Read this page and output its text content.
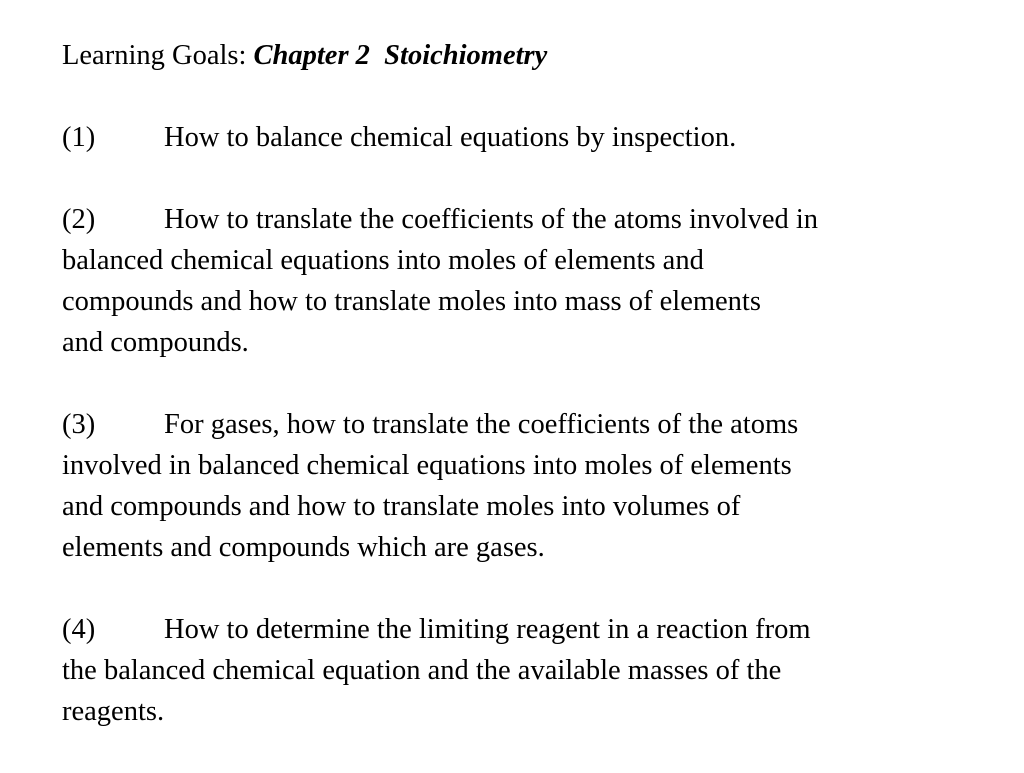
Learning Goals: Chapter 2  Stoichiometry
(1) How to balance chemical equations by inspection.
(2) How to translate the coefficients of the atoms involved in
balanced chemical equations into moles of elements and
compounds and how to translate moles into mass of elements
and compounds.
(3) For gases, how to translate the coefficients of the atoms
involved in balanced chemical equations into moles of elements
and compounds and how to translate moles into volumes of
elements and compounds which are gases.
(4) How to determine the limiting reagent in a reaction from
the balanced chemical equation and the available masses of the
reagents.
